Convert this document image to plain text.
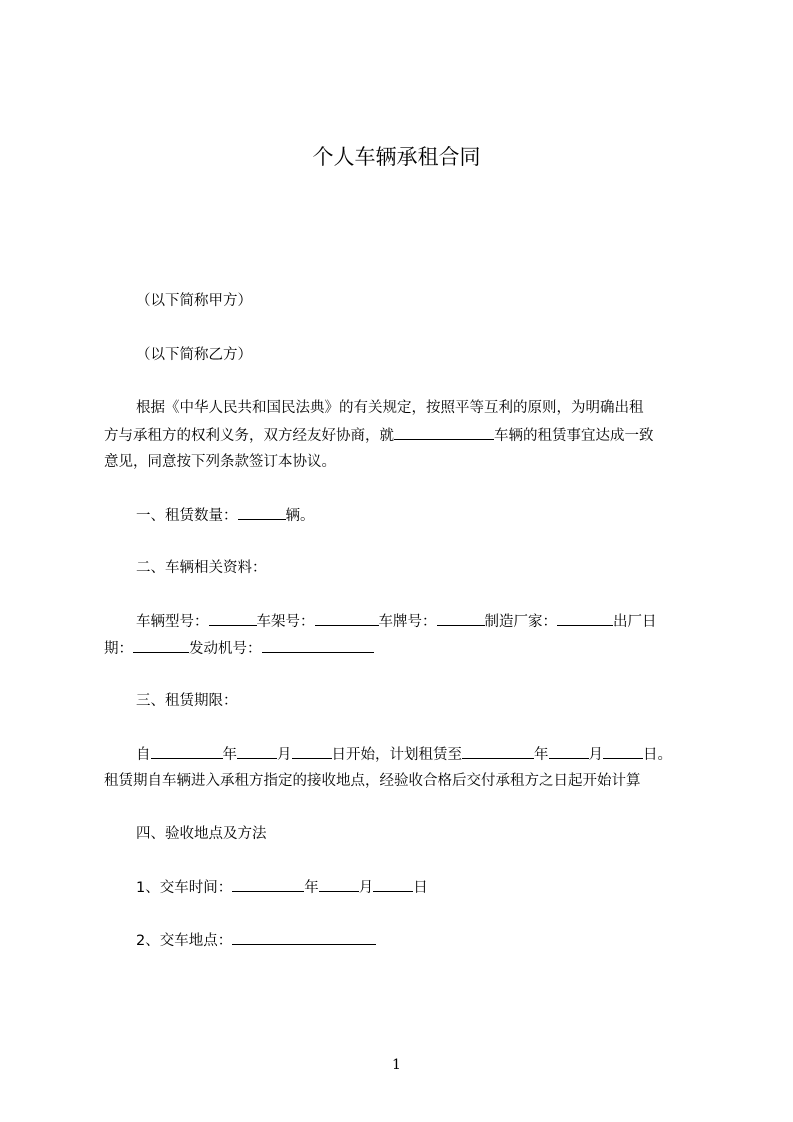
个人车辆承租合同
（以下简称甲方）
（以下简称乙方）
根据《中华人民共和国民法典》的有关规定，按照平等互利的原则，为明确出租
方与承租方的权利义务，双方经友好协商，就	车辆的租赁事宜达成一致
意见，同意按下列条款签订本协议。
一、租赁数量：	辆。
二、车辆相关资料：
车辆型号：	车架号：	车牌号：	制造厂家：	出厂日
期：	发动机号：
三、租赁期限：
自	年	月	日开始，计划租赁至	年	月	日。
租赁期自车辆进入承租方指定的接收地点，经验收合格后交付承租方之日起开始计算
四、验收地点及方法
1、交车时间：	年	月	日
2、交车地点：
1
